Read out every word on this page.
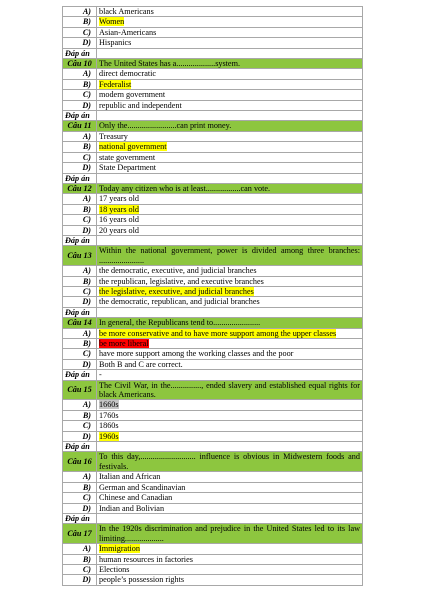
A)	black Americans
B)	Women
C)	Asian-Americans
D)	Hispanics
Đáp án	
Câu 10	The United States has a...................system.
A)	direct democratic
B)	Federalist
C)	modern government
D)	republic and independent
Đáp án	
Câu 11	Only the........................can print money.
A)	Treasury
B)	national government
C)	state government
D)	State Department
Đáp án	
Câu 12	Today any citizen who is at least.................can vote.
A)	17 years old
B)	18 years old
C)	16 years old
D)	20 years old
Đáp án	
Câu 13	Within the national government, power is divided among three branches: ......................
A)	the democratic, executive, and judicial branches
B)	the republican, legislative, and executive branches
C)	the legislative, executive, and judicial branches
D)	the democratic, republican, and judicial branches
Đáp án	
Câu 14	In general, the Republicans tend to.......................
A)	be more conservative and to have more support among the upper classes
B)	be more liberal
C)	have more support among the working classes and the poor
D)	Both B and C are correct.
Đáp án	-
Câu 15	The Civil War, in the..............., ended slavery and established equal rights for black Americans.
A)	1660s
B)	1760s
C)	1860s
D)	1960s
Đáp án	
Câu 16	To this day,........................... influence is obvious in Midwestern foods and festivals.
A)	Italian and African
B)	German and Scandinavian
C)	Chinese and Canadian
D)	Indian and Bolivian
Đáp án	
Câu 17	In the 1920s discrimination and prejudice in the United States led to its law limiting...................
A)	Immigration
B)	human resources in factories
C)	Elections
D)	people’s possession rights
